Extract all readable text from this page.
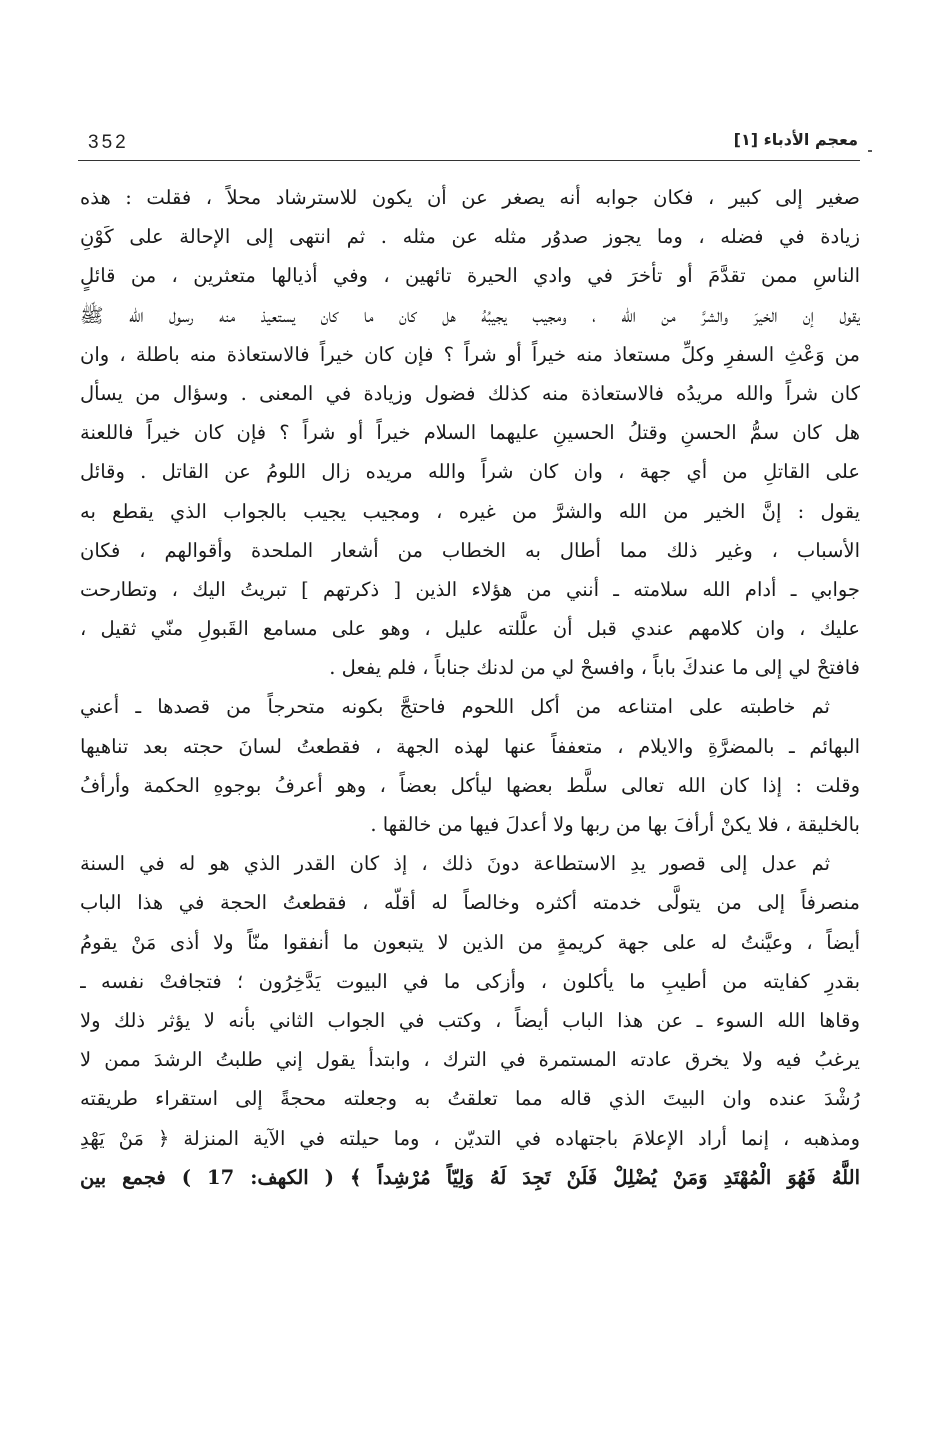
352	معجم الأدباء [١]
صغير إلى كبير ، فكان جوابه أنه يصغر عن أن يكون للاسترشاد محلاً ، فقلت : هذه
زيادة في فضله ، وما يجوز صدوُر مثله عن مثله . ثم انتهى إلى الإحالة على كَوْنِ
الناسِ ممن تقدَّمَ أو تأخرَ في وادي الحيرة تائهين ، وفي أذيالها متعثرين ، من قائلٍ
يقول إن الخيرَ والشرَّ من الله ، ومجيب يجيبُهُ هل كان ما كان يستعيذ منه رسول الله ﷺ
من وَعْثِ السفرِ وكلِّ مستعاذ منه خيراً أو شراً ؟ فإن كان خيراً فالاستعاذة منه باطلة ، وان
كان شراً والله مريدُه فالاستعاذة منه كذلك فضول وزيادة في المعنى . وسؤال من يسأل
هل كان سمُّ الحسنِ وقتلُ الحسينِ عليهما السلام خيراً أو شراً ؟ فإن كان خيراً فاللعنة
على القاتلِ من أي جهة ، وان كان شراً والله مريده زال اللومُ عن القاتل . وقائل
يقول : إنَّ الخير من الله والشرَّ من غيره ، ومجيب يجيب بالجواب الذي يقطع به
الأسباب ، وغير ذلك مما أطال به الخطاب من أشعار الملحدة وأقوالهم ، فكان
جوابي ـ أدام الله سلامته ـ أنني من هؤلاء الذين [ ذكرتهم ] تبريتُ اليك ، وتطارحت
عليك ، وان كلامهم عندي قبل أن علَّلته عليل ، وهو على مسامع القَبولِ منّي ثقيل ،
فافتحْ لي إلى ما عندكَ باباً ، وافسحْ لي من لدنك جناباً ، فلم يفعل .
ثم خاطبته على امتناعه من أكل اللحوم فاحتجَّ بكونه متحرجاً من قصدها ـ أعني
البهائم ـ بالمضرَّةِ والايلام ، متعففاً عنها لهذه الجهة ، فقطعتُ لسانَ حجته بعد تناهيها
وقلت : إذا كان الله تعالى سلَّط بعضها ليأكل بعضاً ، وهو أعرفُ بوجوهِ الحكمة وأرأفُ
بالخليقة ، فلا يكنْ أرأفَ بها من ربها ولا أعدلَ فيها من خالقها .
ثم عدل إلى قصور يدِ الاستطاعة دونَ ذلك ، إذ كان القدر الذي هو له في السنة
منصرفاً إلى من يتولَّى خدمته أكثره وخالصاً له أقلّه ، فقطعتُ الحجة في هذا الباب
أيضاً ، وعيَّنتُ له على جهة كريمةٍ من الذين لا يتبعون ما أنفقوا منّاً ولا أذى مَنْ يقومُ
بقدرِ كفايته من أطيبِ ما يأكلون ، وأزكى ما في البيوت يَدَّخِرُون ؛ فتجافتْ نفسه ـ
وقاها الله السوء ـ عن هذا الباب أيضاً ، وكتب في الجواب الثاني بأنه لا يؤثر ذلك ولا
يرغبُ فيه ولا يخرق عادته المستمرة في الترك ، وابتدأ يقول إني طلبتُ الرشدَ ممن لا
رُشْدَ عنده وان البيتَ الذي قاله مما تعلقتُ به وجعلته محجةً إلى استقراء طريقته
ومذهبه ، إنما أراد الإعلامَ باجتهاده في التديّن ، وما حيلته في الآية المنزلة ﴿ مَنْ يَهْدِ
اللَّهُ فَهُوَ الْمُهْتَدِ وَمَنْ يُضْلِلْ فَلَنْ تَجِدَ لَهُ وَلِيّاً مُرْشِداً ﴾ ( الكهف: 17 ) فجمع بين
